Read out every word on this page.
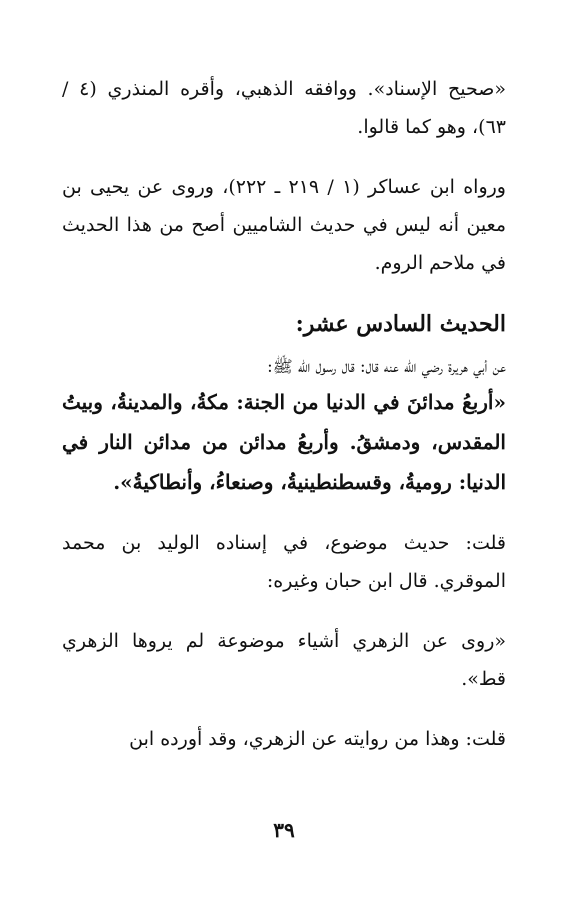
«صحيح الإسناد». ووافقه الذهبي، وأقره المنذري (٤ / ٦٣)، وهو كما قالوا.

ورواه ابن عساكر (١ / ٢١٩ ـ ٢٢٢)، وروى عن يحيى بن معين أنه ليس في حديث الشاميين أصح من هذا الحديث في ملاحم الروم.

الحديث السادس عشر:

عن أبي هريرة رضي الله عنه قال: قال رسول الله ﷺ:

«أربعُ مدائنَ في الدنيا من الجنة: مكةُ، والمدينةُ، وبيتُ المقدس، ودمشقُ. وأربعُ مدائن من مدائن النار في الدنيا: روميةُ، وقسطنطينيةُ، وصنعاءُ، وأنطاكيةُ».

قلت: حديث موضوع، في إسناده الوليد بن محمد الموقري. قال ابن حبان وغيره:

«روى عن الزهري أشياء موضوعة لم يروها الزهري قط».

قلت: وهذا من روايته عن الزهري، وقد أورده ابن

٣٩
